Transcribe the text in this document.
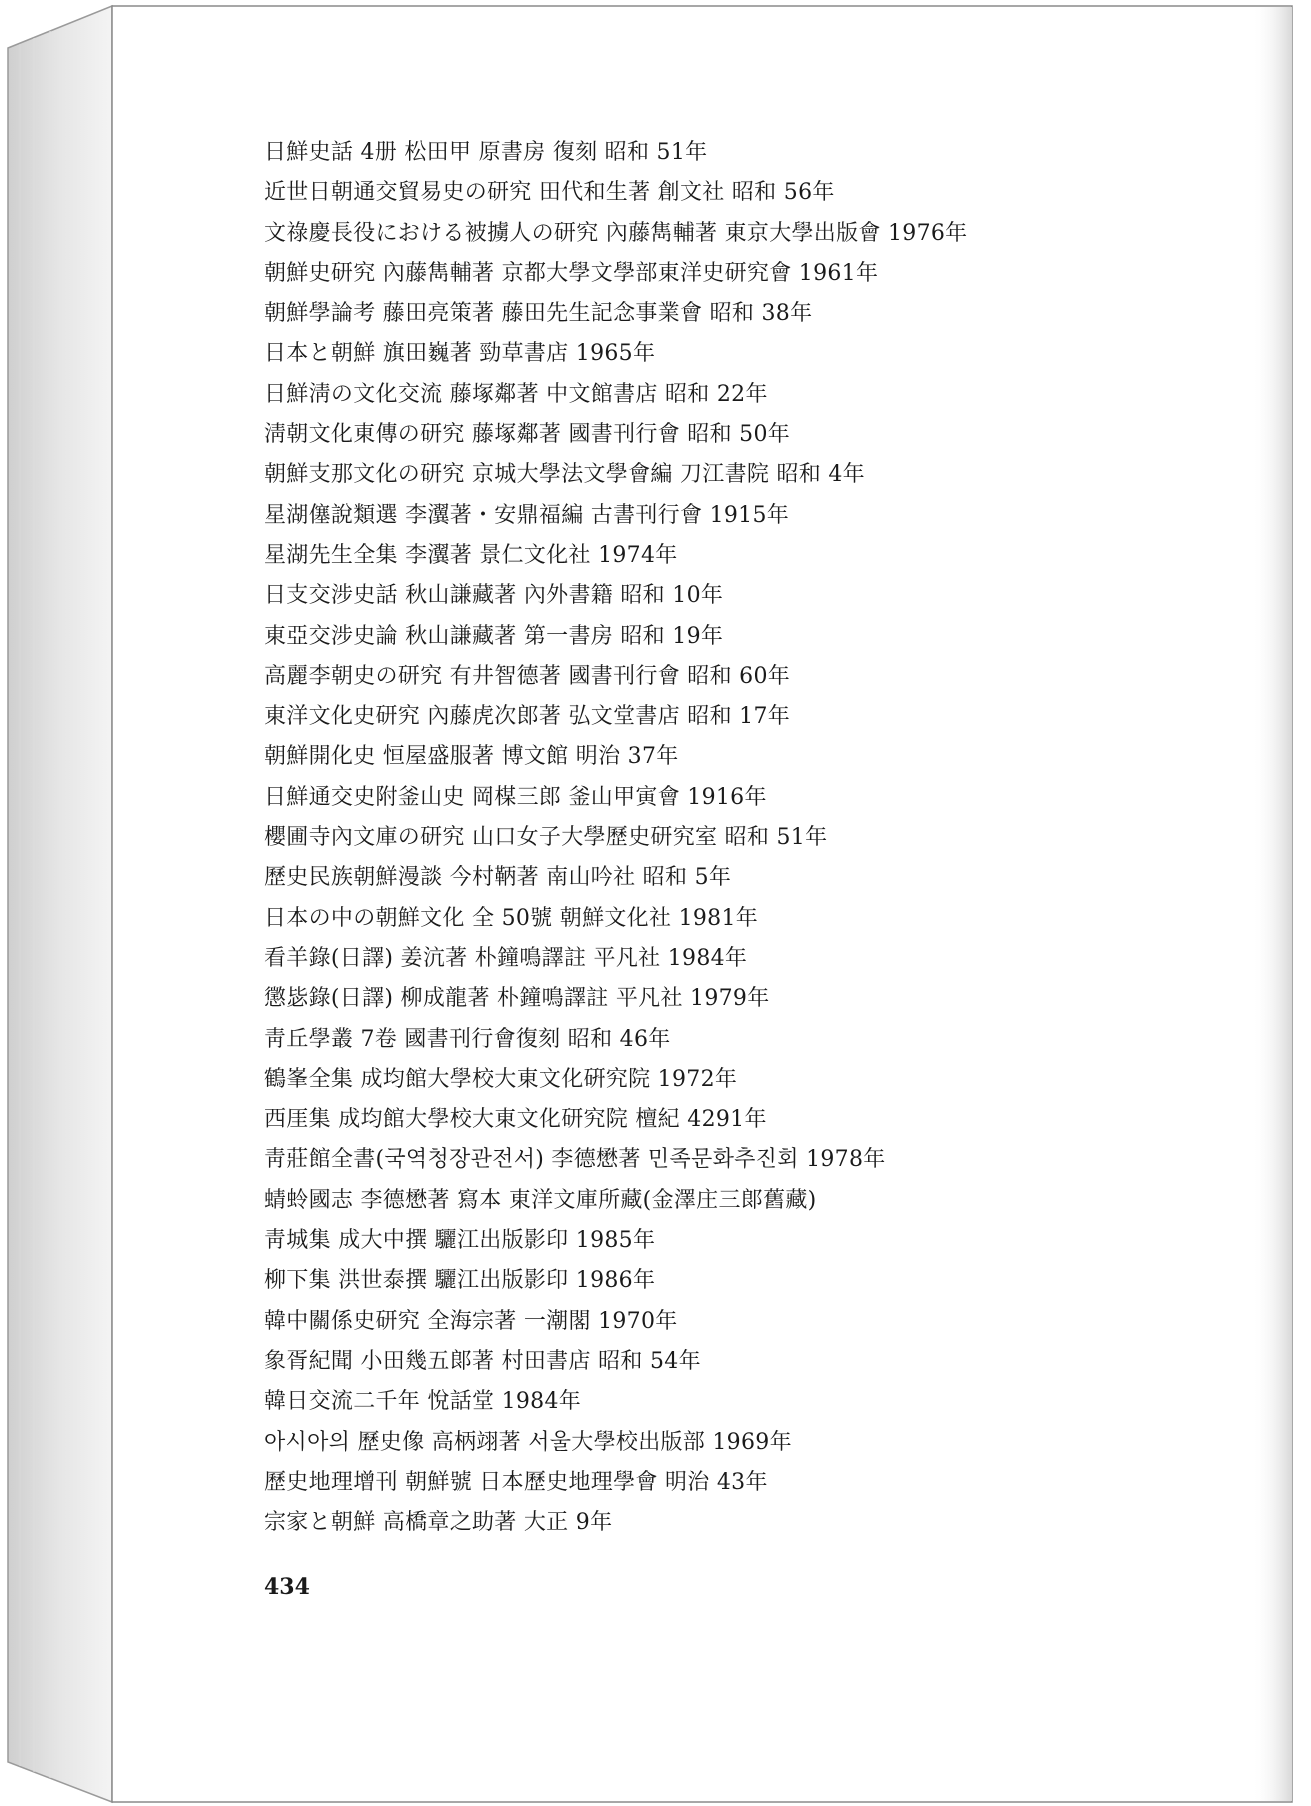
日鮮史話 4册 松田甲 原書房 復刻 昭和 51年
近世日朝通交貿易史の研究 田代和生著 創文社 昭和 56年
文祿慶長役における被擄人の研究 內藤雋輔著 東京大學出版會 1976年
朝鮮史研究 內藤雋輔著 京都大學文學部東洋史研究會 1961年
朝鮮學論考 藤田亮策著 藤田先生記念事業會 昭和 38年
日本と朝鮮 旗田巍著 勁草書店 1965年
日鮮淸の文化交流 藤塚鄰著 中文館書店 昭和 22年
淸朝文化東傳の研究 藤塚鄰著 國書刊行會 昭和 50年
朝鮮支那文化の研究 京城大學法文學會編 刀江書院 昭和 4年
星湖僿說類選 李瀷著・安鼎福編 古書刊行會 1915年
星湖先生全集 李瀷著 景仁文化社 1974年
日支交涉史話 秋山謙藏著 內外書籍 昭和 10年
東亞交涉史論 秋山謙藏著 第一書房 昭和 19年
高麗李朝史の研究 有井智德著 國書刊行會 昭和 60年
東洋文化史研究 內藤虎次郎著 弘文堂書店 昭和 17年
朝鮮開化史 恒屋盛服著 博文館 明治 37年
日鮮通交史附釜山史 岡楳三郎 釜山甲寅會 1916年
櫻圃寺內文庫の研究 山口女子大學歷史研究室 昭和 51年
歷史民族朝鮮漫談 今村鞆著 南山吟社 昭和 5年
日本の中の朝鮮文化 全 50號 朝鮮文化社 1981年
看羊錄(日譯) 姜沆著 朴鐘鳴譯註 平凡社 1984年
懲毖錄(日譯) 柳成龍著 朴鐘鳴譯註 平凡社 1979年
靑丘學叢 7卷 國書刊行會復刻 昭和 46年
鶴峯全集 成均館大學校大東文化硏究院 1972年
西厓集 成均館大學校大東文化研究院 檀紀 4291年
靑莊館全書(국역청장관전서) 李德懋著 민족문화추진회 1978年
蜻蛉國志 李德懋著 寫本 東洋文庫所藏(金澤庄三郞舊藏)
靑城集 成大中撰 驪江出版影印 1985年
柳下集 洪世泰撰 驪江出版影印 1986年
韓中關係史研究 全海宗著 一潮閣 1970年
象胥紀聞 小田幾五郞著 村田書店 昭和 54年
韓日交流二千年 悅話堂 1984年
아시아의 歷史像 高柄翊著 서울大學校出版部 1969年
歷史地理增刊 朝鮮號 日本歷史地理學會 明治 43年
宗家と朝鮮 高橋章之助著 大正 9年
434
